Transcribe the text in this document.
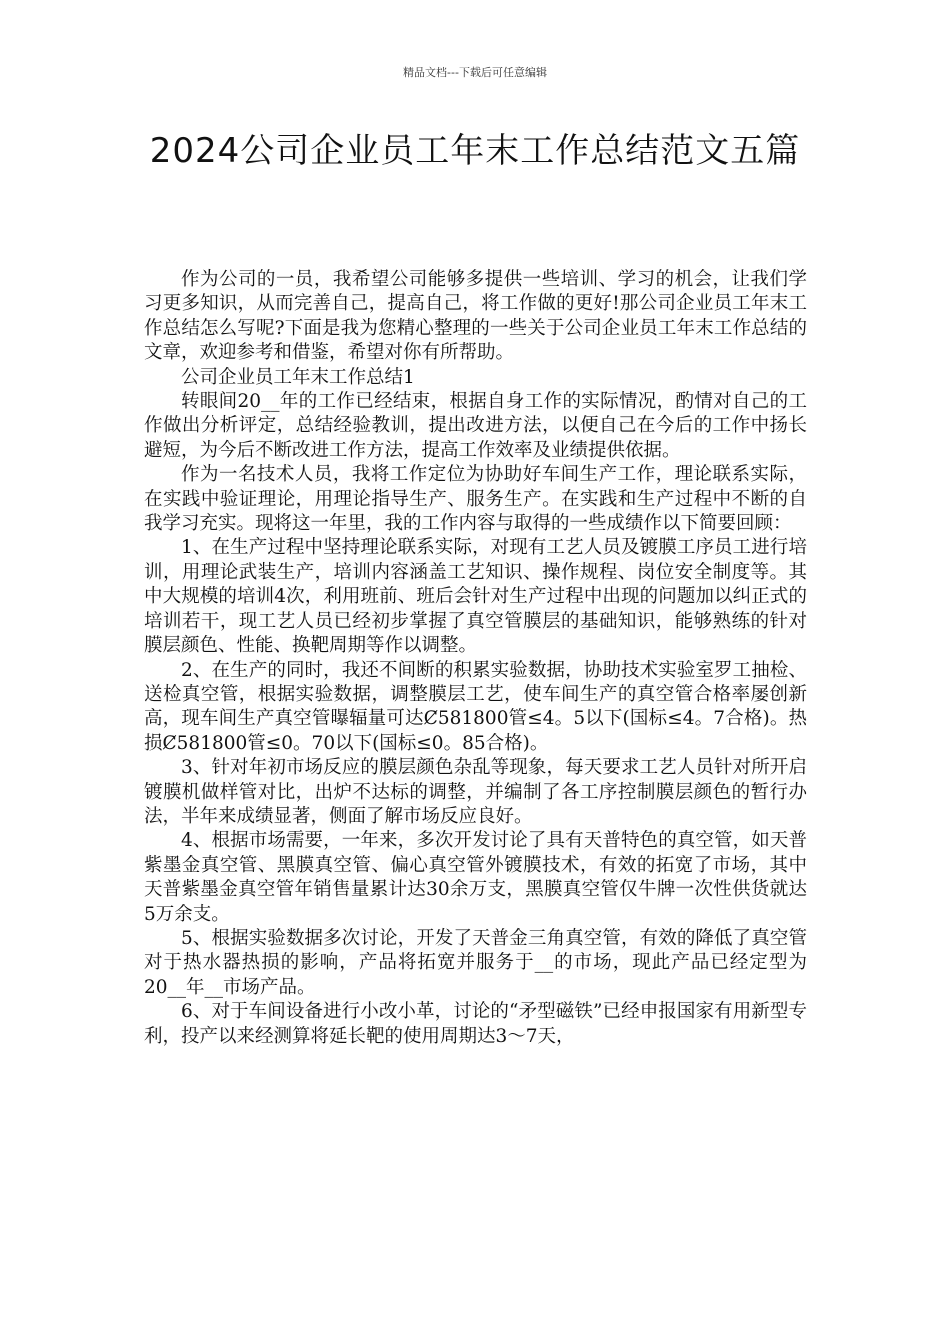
精品文档---下载后可任意编辑
2024公司企业员工年末工作总结范文五篇

作为公司的一员，我希望公司能够多提供一些培训、学习的机会，让我们学习更多知识，从而完善自己，提高自己，将工作做的更好!那公司企业员工年末工作总结怎么写呢?下面是我为您精心整理的一些关于公司企业员工年末工作总结的文章，欢迎参考和借鉴，希望对你有所帮助。

公司企业员工年末工作总结1

转眼间20__年的工作已经结束，根据自身工作的实际情况，酌情对自己的工作做出分析评定，总结经验教训，提出改进方法，以便自己在今后的工作中扬长避短，为今后不断改进工作方法，提高工作效率及业绩提供依据。

作为一名技术人员，我将工作定位为协助好车间生产工作，理论联系实际，在实践中验证理论，用理论指导生产、服务生产。在实践和生产过程中不断的自我学习充实。现将这一年里，我的工作内容与取得的一些成绩作以下简要回顾：

1、在生产过程中坚持理论联系实际，对现有工艺人员及镀膜工序员工进行培训，用理论武装生产，培训内容涵盖工艺知识、操作规程、岗位安全制度等。其中大规模的培训4次，利用班前、班后会针对生产过程中出现的问题加以纠正式的培训若干，现工艺人员已经初步掌握了真空管膜层的基础知识，能够熟练的针对膜层颜色、性能、换靶周期等作以调整。

2、在生产的同时，我还不间断的积累实验数据，协助技术实验室罗工抽检、送检真空管，根据实验数据，调整膜层工艺，使车间生产的真空管合格率屡创新高，现车间生产真空管曝辐量可达Ȼ581800管≤4。5以下(国标≤4。7合格)。热损Ȼ581800管≤0。70以下(国标≤0。85合格)。

3、针对年初市场反应的膜层颜色杂乱等现象，每天要求工艺人员针对所开启镀膜机做样管对比，出炉不达标的调整，并编制了各工序控制膜层颜色的暂行办法，半年来成绩显著，侧面了解市场反应良好。

4、根据市场需要，一年来，多次开发讨论了具有天普特色的真空管，如天普紫墨金真空管、黑膜真空管、偏心真空管外镀膜技术，有效的拓宽了市场，其中天普紫墨金真空管年销售量累计达30余万支，黑膜真空管仅牛牌一次性供货就达5万余支。

5、根据实验数据多次讨论，开发了天普金三角真空管，有效的降低了真空管对于热水器热损的影响，产品将拓宽并服务于__的市场，现此产品已经定型为20__年__市场产品。

6、对于车间设备进行小改小革，讨论的“矛型磁铁”已经申报国家有用新型专利，投产以来经测算将延长靶的使用周期达3～7天，
